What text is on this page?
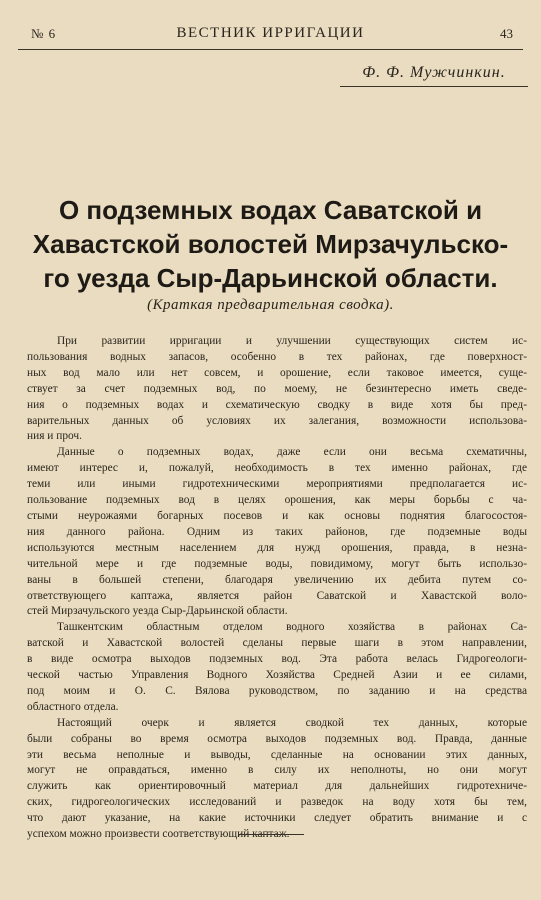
№ 6	ВЕСТНИК ИРРИГАЦИИ	43
Ф. Ф. Мужчинкин.
О подземных водах Саватской и
Хавастской волостей Мирзачульско-
го уезда Сыр-Дарьинской области.
(Краткая предварительная сводка).
При развитии ирригации и улучшении существующих систем ис-
пользования водных запасов, особенно в тех районах, где поверхност-
ных вод мало или нет совсем, и орошение, если таковое имеется, суще-
ствует за счет подземных вод, по моему, не безинтересно иметь сведе-
ния о подземных водах и схематическую сводку в виде хотя бы пред-
варительных данных об условиях их залегания, возможности использова-
ния и проч.
Данные о подземных водах, даже если они весьма схематичны,
имеют интерес и, пожалуй, необходимость в тех именно районах, где
теми или иными гидротехническими мероприятиями предполагается ис-
пользование подземных вод в целях орошения, как меры борьбы с ча-
стыми неурожаями богарных посевов и как основы поднятия благосостоя-
ния данного района. Одним из таких районов, где подземные воды
используются местным населением для нужд орошения, правда, в незна-
чительной мере и где подземные воды, повидимому, могут быть использо-
ваны в большей степени, благодаря увеличению их дебита путем со-
ответствующего каптажа, является район Саватской и Хавастской воло-
стей Мирзачульского уезда Сыр-Дарьинской области.
Ташкентским областным отделом водного хозяйства в районах Са-
ватской и Хавастской волостей сделаны первые шаги в этом направлении,
в виде осмотра выходов подземных вод. Эта работа велась Гидрогеологи-
ческой частью Управления Водного Хозяйства Средней Азии и ее силами,
под моим и О. С. Вялова руководством, по заданию и на средства
областного отдела.
Настоящий очерк и является сводкой тех данных, которые
были собраны во время осмотра выходов подземных вод. Правда, данные
эти весьма неполные и выводы, сделанные на основании этих данных,
могут не оправдаться, именно в силу их неполноты, но они могут
служить как ориентировочный материал для дальнейших гидротехниче-
ских, гидрогеологических исследований и разведок на воду хотя бы тем,
что дают указание, на какие источники следует обратить внимание и с
успехом можно произвести соответствующий каптаж.
